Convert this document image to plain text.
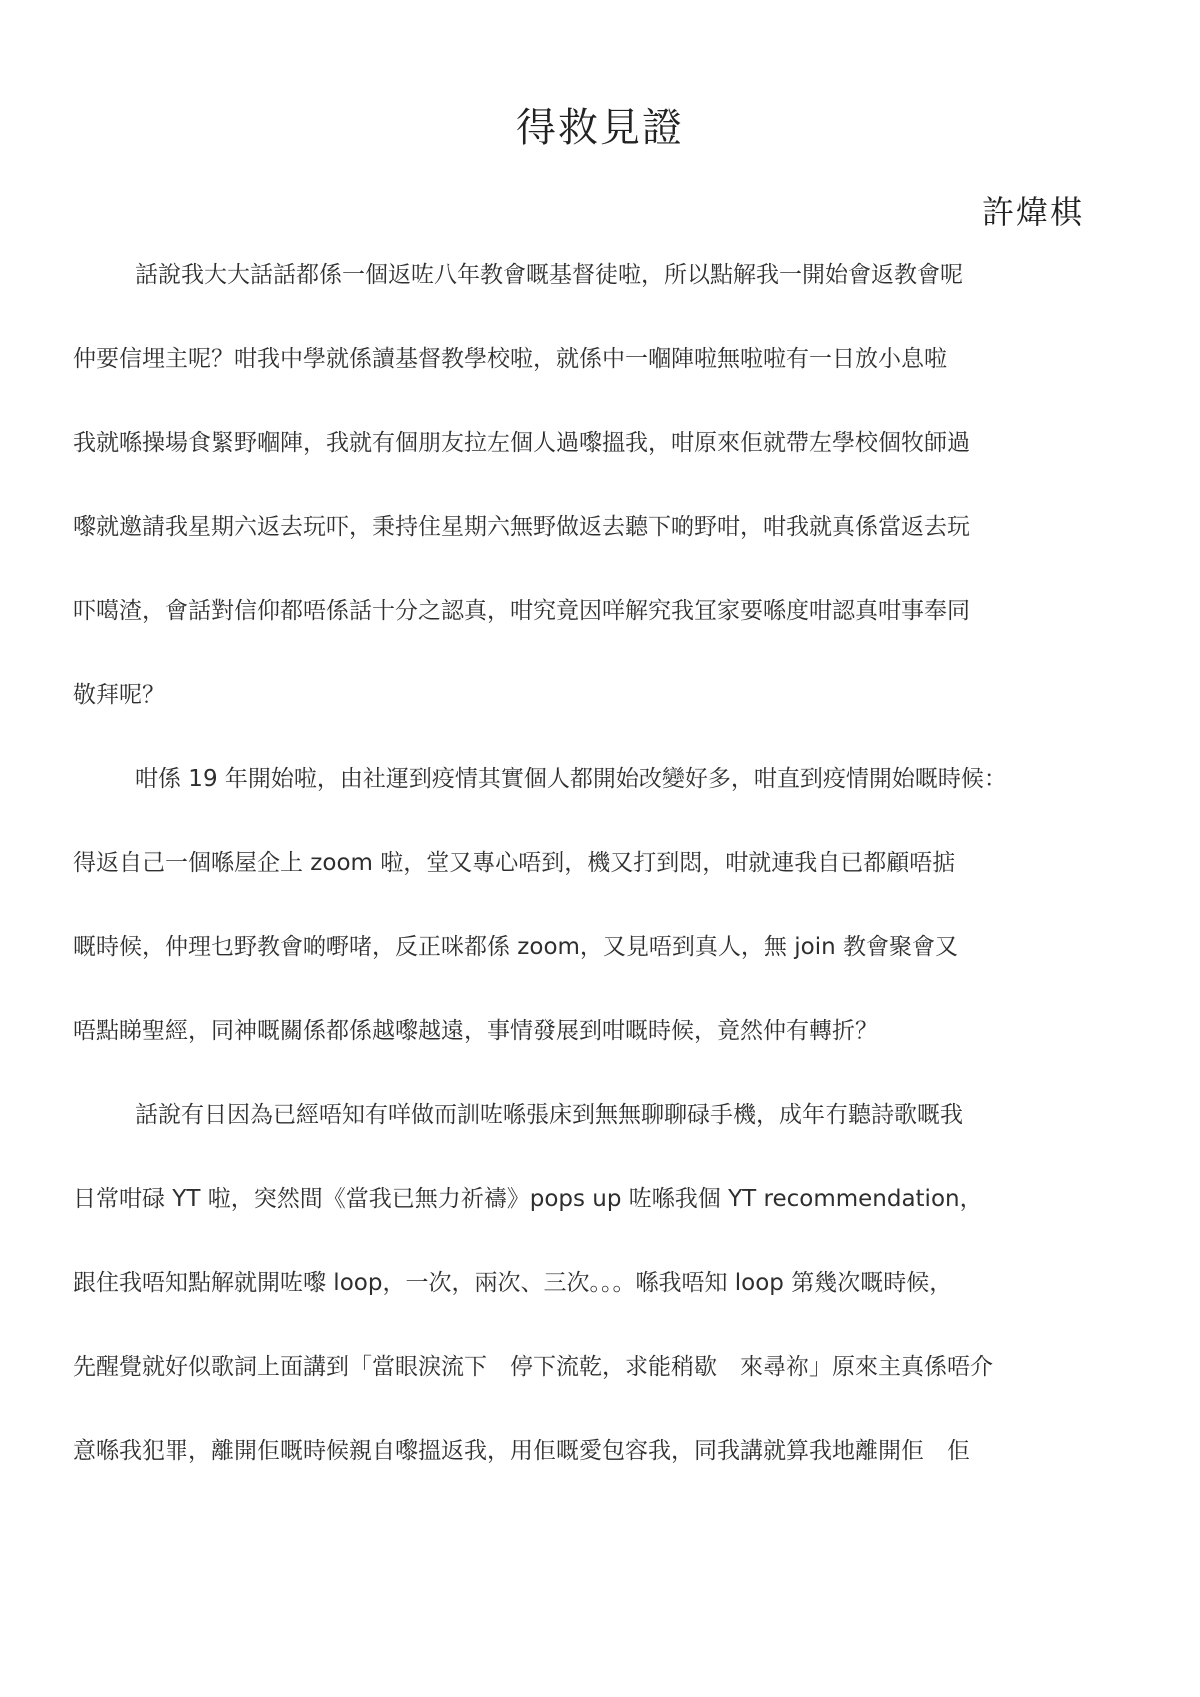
得救見證
許煒棋
話說我大大話話都係一個返咗八年教會嘅基督徒啦，所以點解我一開始會返教會呢
仲要信埋主呢？咁我中學就係讀基督教學校啦，就係中一嗰陣啦無啦啦有一日放小息啦
我就喺操場食緊野嗰陣，我就有個朋友拉左個人過嚟搵我，咁原來佢就帶左學校個牧師過
嚟就邀請我星期六返去玩吓，秉持住星期六無野做返去聽下啲野咁，咁我就真係當返去玩
吓噶渣，會話對信仰都唔係話十分之認真，咁究竟因咩解究我冝家要喺度咁認真咁事奉同
敬拜呢？
咁係 19 年開始啦，由社運到疫情其實個人都開始改變好多，咁直到疫情開始嘅時候：
得返自己一個喺屋企上 zoom 啦，堂又專心唔到，機又打到悶，咁就連我自已都顧唔掂
嘅時候，仲理乜野教會啲嘢啫，反正咪都係 zoom，又見唔到真人，無 join 教會聚會又
唔點睇聖經，同神嘅關係都係越嚟越遠，事情發展到咁嘅時候，竟然仲有轉折？
話說有日因為已經唔知有咩做而訓咗喺張床到無無聊聊碌手機，成年冇聽詩歌嘅我
日常咁碌 YT 啦，突然間《當我已無力祈禱》pops up 咗喺我個 YT recommendation，
跟住我唔知點解就開咗嚟 loop，一次，兩次、三次。。。喺我唔知 loop 第幾次嘅時候，
先醒覺就好似歌詞上面講到「當眼淚流下　停下流乾，求能稍歇　來尋祢」原來主真係唔介
意喺我犯罪，離開佢嘅時候親自嚟搵返我，用佢嘅愛包容我，同我講就算我地離開佢　佢
